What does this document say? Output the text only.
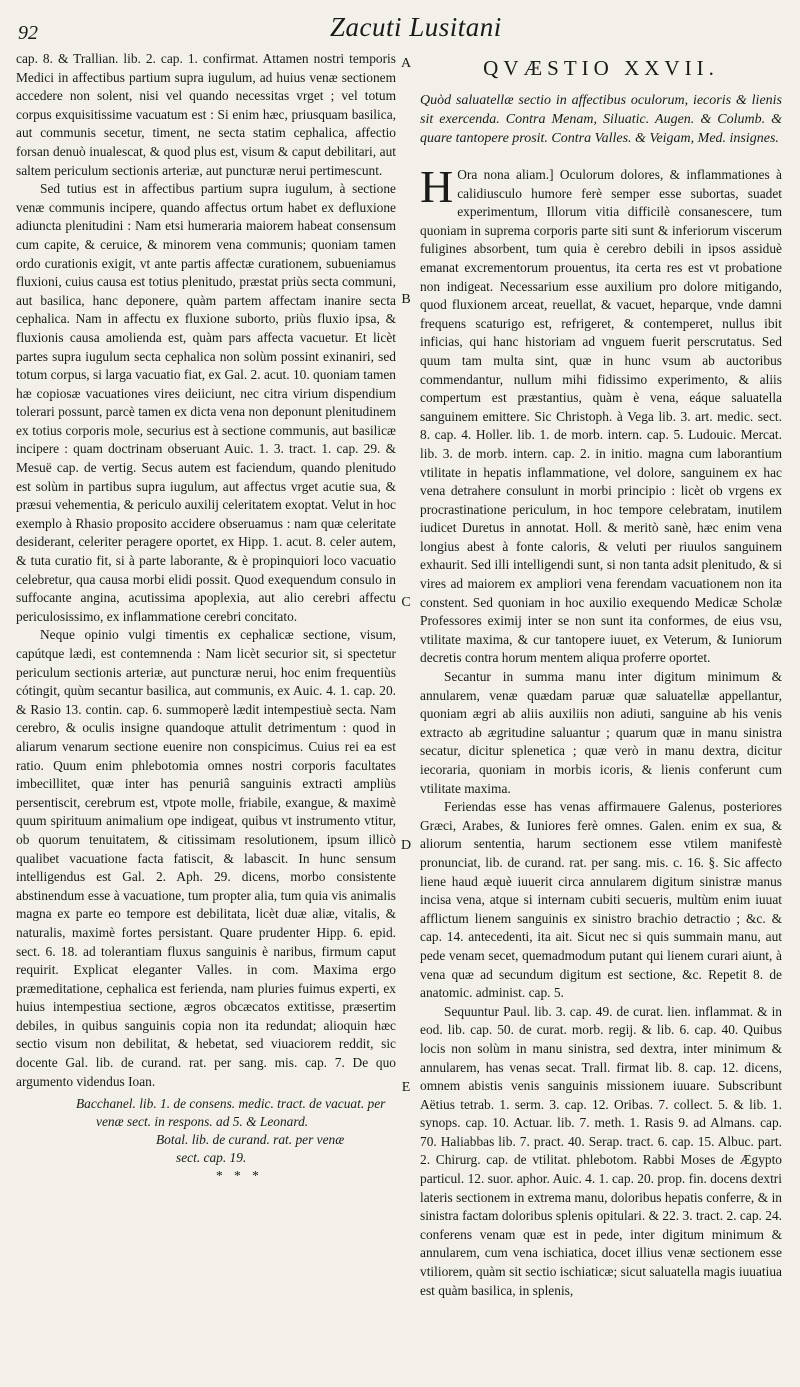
92	Zacuti Lusitani
A
B
C
D
E

cap. 8. & Trallian. lib. 2. cap. 1. confirmat. Attamen nostri temporis Medici in affectibus partium supra iugulum, ad huius venæ sectionem accedere non solent, nisi vel quando necessitas vrget ; vel totum corpus exquisitissime vacuatum est : Si enim hæc, priusquam basilica, aut communis secetur, timent, ne secta statim cephalica, affectio forsan denuò inualescat, & quod plus est, visum & caput debilitari, aut saltem periculum sectionis arteriæ, aut puncturæ nerui pertimescunt.

Sed tutius est in affectibus partium supra iugulum, à sectione venæ communis incipere, quando affectus ortum habet ex defluxione adiuncta plenitudini : Nam etsi humeraria maiorem habeat consensum cum capite, & ceruice, & minorem vena communis; quoniam tamen ordo curationis exigit, vt ante partis affectæ curationem, subueniamus fluxioni, cuius causa est totius plenitudo, præstat priùs secta communi, aut basilica, hanc deponere, quàm partem affectam inanire secta cephalica. Nam in affectu ex fluxione suborto, priùs fluxio ipsa, & fluxionis causa amolienda est, quàm pars affecta vacuetur. Et licèt partes supra iugulum secta cephalica non solùm possint exinaniri, sed totum corpus, si larga vacuatio fiat, ex Gal. 2. acut. 10. quoniam tamen hæ copiosæ vacuationes vires deiiciunt, nec citra virium dispendium tolerari possunt, parcè tamen ex dicta vena non deponunt plenitudinem ex totius corporis mole, securius est à sectione communis, aut basilicæ incipere : quam doctrinam obseruant Auic. 1. 3. tract. 1. cap. 29. & Mesuë cap. de vertig. Secus autem est faciendum, quando plenitudo est solùm in partibus supra iugulum, aut affectus vrget acutie sua, & præsui vehementia, & periculo auxilij celeritatem exoptat. Velut in hoc exemplo à Rhasio proposito accidere obseruamus : nam quæ celeritate desiderant, celeriter peragere oportet, ex Hipp. 1. acut. 8. celer autem, & tuta curatio fit, si à parte laborante, & è propinquiori loco vacuatio celebretur, qua causa morbi elidi possit. Quod exequendum consulo in suffocante angina, acutissima apoplexia, aut alio cerebri affectu periculosissimo, ex inflammatione cerebri concitato.

Neque opinio vulgi timentis ex cephalicæ sectione, visum, capútque lædi, est contemnenda : Nam licèt securior sit, si spectetur periculum sectionis arteriæ, aut puncturæ nerui, hoc enim frequentiùs cótingit, quùm secantur basilica, aut communis, ex Auic. 4. 1. cap. 20. & Rasio 13. contin. cap. 6. summoperè lædit intempestiuè secta. Nam cerebro, & oculis insigne quandoque attulit detrimentum : quod in aliarum venarum sectione euenire non conspicimus. Cuius rei ea est ratio. Quum enim phlebotomia omnes nostri corporis facultates imbecillitet, quæ inter has penuriâ sanguinis extracti ampliùs persentiscit, cerebrum est, vtpote molle, friabile, exangue, & maximè quum spirituum animalium ope indigeat, quibus vt instrumento vtitur, ob quorum tenuitatem, & citissimam resolutionem, ipsum illicò qualibet vacuatione facta fatiscit, & labascit. In hunc sensum intelligendus est Gal. 2. Aph. 29. dicens, morbo consistente abstinendum esse à vacuatione, tum propter alia, tum quia vis animalis magna ex parte eo tempore est debilitata, licèt duæ aliæ, vitalis, & naturalis, maximè fortes persistant. Quare prudenter Hipp. 6. epid. sect. 6. 18. ad tolerantiam fluxus sanguinis è naribus, firmum caput requirit. Explicat eleganter Valles. in com. Maxima ergo præmeditatione, cephalica est ferienda, nam pluries fuimus experti, ex huius intempestiua sectione, ægros obcæcatos extitisse, præsertim debiles, in quibus sanguinis copia non ita redundat; alioquin hæc sectio visum non debilitat, & hebetat, sed viuaciorem reddit, sic docente Gal. lib. de curand. rat. per sang. mis. cap. 7. De quo argumento videndus Ioan.

Bacchanel. lib. 1. de consens. medic. tract. de vacuat. per
venæ sect. in respons. ad 5. & Leonard.
Botal. lib. de curand. rat. per venæ
sect. cap. 19.
* * *
QVÆSTIO XXVII.
Quòd saluatellæ sectio in affectibus oculorum, iecoris & lienis sit exercenda. Contra Menam, Siluatic. Augen. & Columb. & quare tantopere prosit. Contra Valles. & Veigam, Med. insignes.

H Ora nona aliam.] Oculorum dolores, & inflammationes à calidiusculo humore ferè semper esse subortas, suadet experimentum, Illorum vitia difficilè consanescere, tum quoniam in suprema corporis parte siti sunt & inferiorum viscerum fuligines absorbent, tum quia è cerebro debili in ipsos assiduè emanat excrementorum prouentus, ita certa res est vt probatione non indigeat. Necessarium esse auxilium pro dolore mitigando, quod fluxionem arceat, reuellat, & vacuet, heparque, vnde damni frequens scaturigo est, refrigeret, & contemperet, nullus ibit inficias, qui hanc historiam ad vnguem fuerit perscrutatus. Sed quum tam multa sint, quæ in hunc vsum ab auctoribus commendantur, nullum mihi fidissimo experimento, & aliis compertum est præstantius, quàm è vena, eáque saluatella sanguinem emittere. Sic Christoph. à Vega lib. 3. art. medic. sect. 8. cap. 4. Holler. lib. 1. de morb. intern. cap. 5. Ludouic. Mercat. lib. 3. de morb. intern. cap. 2. in initio. magna cum laborantium vtilitate in hepatis inflammatione, vel dolore, sanguinem ex hac vena detrahere consulunt in morbi principio : licèt ob vrgens ex procrastinatione periculum, in hoc tempore celebratam, inutilem iudicet Duretus in annotat. Holl. & meritò sanè, hæc enim vena longius abest à fonte caloris, & veluti per riuulos sanguinem exhaurit. Sed illi intelligendi sunt, si non tanta adsit plenitudo, & si vires ad maiorem ex ampliori vena ferendam vacuationem non ita constent. Sed quoniam in hoc auxilio exequendo Medicæ Scholæ Professores eximij inter se non sunt ita conformes, de eius vsu, vtilitate maxima, & cur tantopere iuuet, ex Veterum, & Iuniorum decretis contra horum mentem aliqua proferre oportet.

Secantur in summa manu inter digitum minimum & annularem, venæ quædam paruæ quæ saluatellæ appellantur, quoniam ægri ab aliis auxiliis non adiuti, sanguine ab his venis extracto ab ægritudine saluantur ; quarum quæ in manu sinistra secatur, dicitur splenetica ; quæ verò in manu dextra, dicitur iecoraria, quoniam in morbis icoris, & lienis conferunt cum vtilitate maxima.

Feriendas esse has venas affirmauere Galenus, posteriores Græci, Arabes, & Iuniores ferè omnes. Galen. enim ex sua, & aliorum sententia, harum sectionem esse vtilem manifestè pronunciat, lib. de curand. rat. per sang. mis. c. 16. §. Sic affecto liene haud æquè iuuerit circa annularem digitum sinistræ manus incisa vena, atque si internam cubiti secueris, multùm enim iuuat afflictum lienem sanguinis ex sinistro brachio detractio ; &c. & cap. 14. antecedenti, ita ait. Sicut nec si quis summain manu, aut pede venam secet, quemadmodum putant qui lienem curari aiunt, à vena quæ ad secundum digitum est sectione, &c. Repetit 8. de anatomic. administ. cap. 5.

Sequuntur Paul. lib. 3. cap. 49. de curat. lien. inflammat. & in eod. lib. cap. 50. de curat. morb. regij. & lib. 6. cap. 40. Quibus locis non solùm in manu sinistra, sed dextra, inter minimum & annularem, has venas secat. Trall. firmat lib. 8. cap. 12. dicens, omnem abistis venis sanguinis missionem iuuare. Subscribunt Aëtius tetrab. 1. serm. 3. cap. 12. Oribas. 7. collect. 5. & lib. 1. synops. cap. 10. Actuar. lib. 7. meth. 1. Rasis 9. ad Almans. cap. 70. Haliabbas lib. 7. pract. 40. Serap. tract. 6. cap. 15. Albuc. part. 2. Chirurg. cap. de vtilitat. phlebotom. Rabbi Moses de Ægypto particul. 12. suor. aphor. Auic. 4. 1. cap. 20. prop. fin. docens dextri lateris sectionem in extrema manu, doloribus hepatis conferre, & in sinistra factam doloribus splenis opitulari. & 22. 3. tract. 2. cap. 24. conferens venam quæ est in pede, inter digitum minimum & annularem, cum vena ischiatica, docet illius venæ sectionem esse vtiliorem, quàm sit sectio ischiaticæ; sicut saluatella magis iuuatiua est quàm basilica, in splenis,
